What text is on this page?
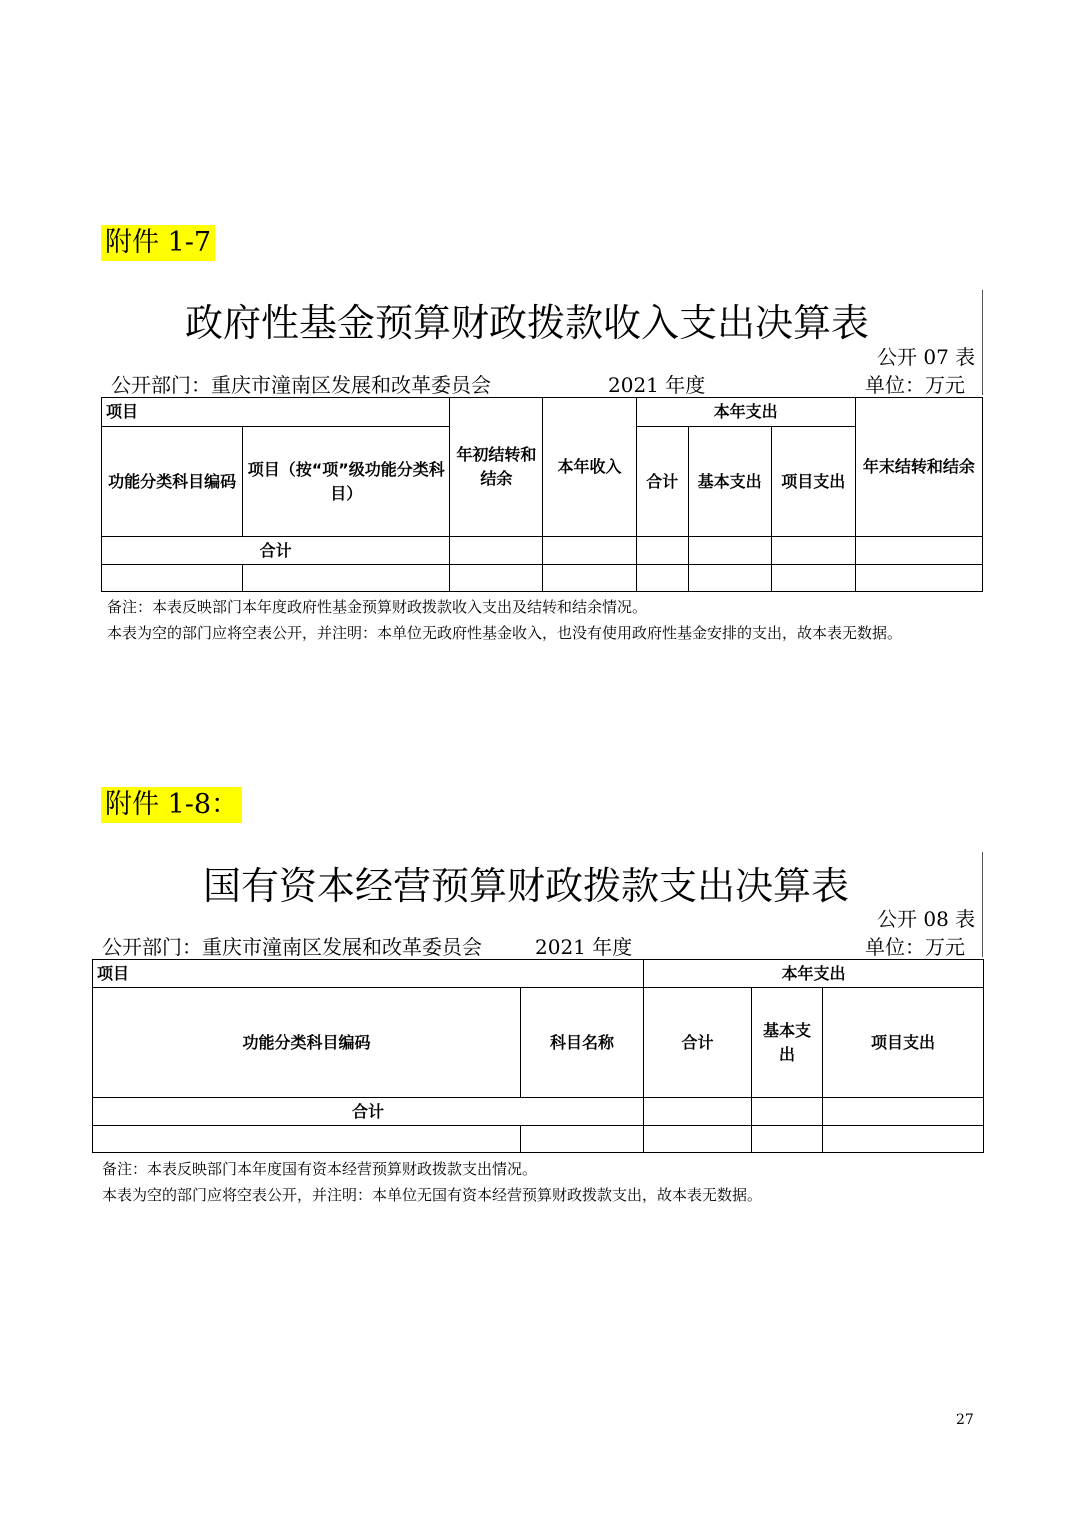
附件 1-7
政府性基金预算财政拨款收入支出决算表
公开 07 表
公开部门：重庆市潼南区发展和改革委员会	2021 年度	单位：万元
项目		年初结转和结余	本年收入	本年支出			年末结转和结余
功能分类科目编码	项目（按“项”级功能分类科目）			合计	基本支出	项目支出	
合计							

备注：本表反映部门本年度政府性基金预算财政拨款收入支出及结转和结余情况。
本表为空的部门应将空表公开，并注明：本单位无政府性基金收入，也没有使用政府性基金安排的支出，故本表无数据。
附件 1-8：
国有资本经营预算财政拨款支出决算表
公开 08 表
公开部门：重庆市潼南区发展和改革委员会	2021 年度	单位：万元
项目		本年支出		
功能分类科目编码	科目名称	合计	基本支出	项目支出
合计				

备注：本表反映部门本年度国有资本经营预算财政拨款支出情况。
本表为空的部门应将空表公开，并注明：本单位无国有资本经营预算财政拨款支出，故本表无数据。
27
